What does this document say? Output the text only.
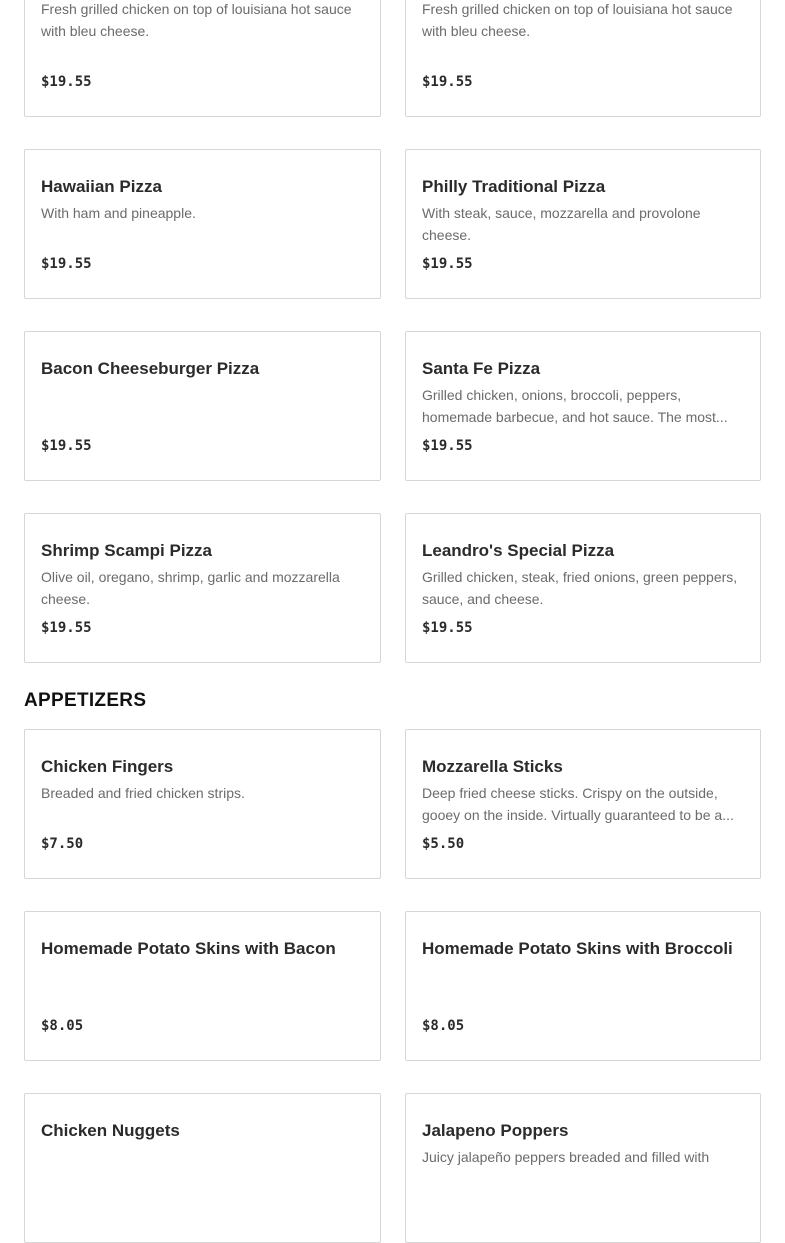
Fresh grilled chicken on top of louisiana hot sauce with bleu cheese.
$19.55
Fresh grilled chicken on top of louisiana hot sauce with bleu cheese.
$19.55
Hawaiian Pizza
With ham and pineapple.
$19.55
Philly Traditional Pizza
With steak, sauce, mozzarella and provolone cheese.
$19.55
Bacon Cheeseburger Pizza
$19.55
Santa Fe Pizza
Grilled chicken, onions, broccoli, peppers, homemade barbecue, and hot sauce. The most...
$19.55
Shrimp Scampi Pizza
Olive oil, oregano, shrimp, garlic and mozzarella cheese.
$19.55
Leandro's Special Pizza
Grilled chicken, steak, fried onions, green peppers, sauce, and cheese.
$19.55
APPETIZERS
Chicken Fingers
Breaded and fried chicken strips.
$7.50
Mozzarella Sticks
Deep fried cheese sticks. Crispy on the outside, gooey on the inside. Virtually guaranteed to be a...
$5.50
Homemade Potato Skins with Bacon
$8.05
Homemade Potato Skins with Broccoli
$8.05
Chicken Nuggets	Jalapeno Poppers
Juicy jalapeño peppers breaded and filled with
